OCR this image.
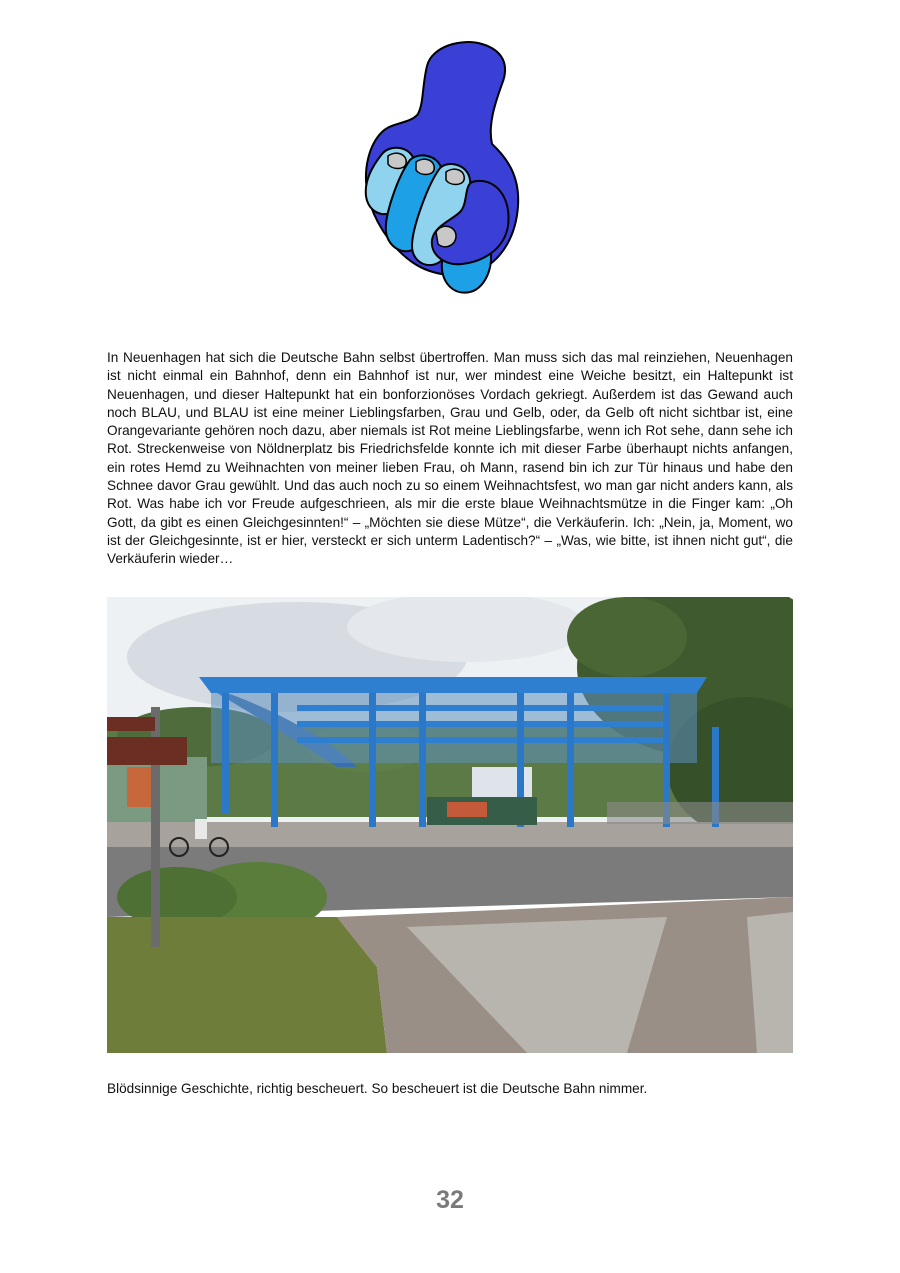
In Neuenhagen hat sich die Deutsche Bahn selbst übertroffen. Man muss sich das mal reinziehen, Neuenhagen ist nicht einmal ein Bahnhof, denn ein Bahnhof ist nur, wer mindest eine Weiche besitzt, ein Haltepunkt ist Neuenhagen, und dieser Haltepunkt hat ein bonforzionöses Vordach gekriegt. Außerdem ist das Gewand auch noch BLAU, und BLAU ist eine meiner Lieblingsfarben, Grau und Gelb, oder, da Gelb oft nicht sichtbar ist, eine Orangevariante gehören noch dazu, aber niemals ist Rot meine Lieblingsfarbe, wenn ich Rot sehe, dann sehe ich Rot. Streckenweise von Nöldnerplatz bis Friedrichsfelde konnte ich mit dieser Farbe überhaupt nichts anfangen, ein rotes Hemd zu Weihnachten von meiner lieben Frau, oh Mann, rasend bin ich zur Tür hinaus und habe den Schnee davor Grau gewühlt. Und das auch noch zu so einem Weihnachtsfest, wo man gar nicht anders kann, als Rot. Was habe ich vor Freude aufgeschrieen, als mir die erste blaue Weihnachtsmütze in die Finger kam: „Oh Gott, da gibt es einen Gleichgesinnten!“ – „Möchten sie diese Mütze“, die Verkäuferin. Ich: „Nein, ja, Moment, wo ist der Gleichgesinnte, ist er hier, versteckt er sich unterm Ladentisch?“ – „Was, wie bitte, ist ihnen nicht gut“, die Verkäuferin wieder…

Blödsinnige Geschichte, richtig bescheuert. So bescheuert ist die Deutsche Bahn nimmer.

32
